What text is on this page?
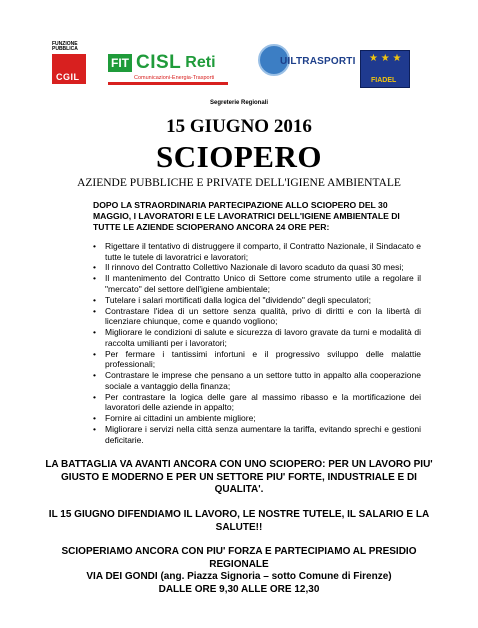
FUNZIONE PUBBLICA
CGIL
FIT CISL Reti
Comunicazioni-Energia-Trasporti
UILTRASPORTI ★ ★ ★
FIADEL
Segreterie Regionali
15 GIUGNO 2016
SCIOPERO
AZIENDE PUBBLICHE E PRIVATE DELL'IGIENE AMBIENTALE
DOPO LA STRAORDINARIA PARTECIPAZIONE ALLO SCIOPERO DEL 30 MAGGIO, I LAVORATORI E LE LAVORATRICI DELL'IGIENE AMBIENTALE DI TUTTE LE AZIENDE SCIOPERANO ANCORA 24 ORE PER:
• Rigettare il tentativo di distruggere il comparto, il Contratto Nazionale, il Sindacato e tutte le tutele di lavoratrici e lavoratori;
• Il rinnovo del Contratto Collettivo Nazionale di lavoro scaduto da quasi 30 mesi;
• Il mantenimento del Contratto Unico di Settore come strumento utile a regolare il "mercato" del settore dell'igiene ambientale;
• Tutelare i salari mortificati dalla logica del "dividendo" degli speculatori;
• Contrastare l'idea di un settore senza qualità, privo di diritti e con la libertà di licenziare chiunque, come e quando vogliono;
• Migliorare le condizioni di salute e sicurezza di lavoro gravate da turni e modalità di raccolta umilianti per i lavoratori;
• Per fermare i tantissimi infortuni e il progressivo sviluppo delle malattie professionali;
• Contrastare le imprese che pensano a un settore tutto in appalto alla cooperazione sociale a vantaggio della finanza;
• Per contrastare la logica delle gare al massimo ribasso e la mortificazione dei lavoratori delle aziende in appalto;
• Fornire ai cittadini un ambiente migliore;
• Migliorare i servizi nella città senza aumentare la tariffa, evitando sprechi e gestioni deficitarie.
LA BATTAGLIA VA AVANTI ANCORA CON UNO SCIOPERO: PER UN LAVORO PIU' GIUSTO E MODERNO E PER UN SETTORE PIU' FORTE, INDUSTRIALE E DI QUALITA'.
IL 15 GIUGNO DIFENDIAMO IL LAVORO, LE NOSTRE TUTELE, IL SALARIO E LA SALUTE!!
SCIOPERIAMO ANCORA CON PIU' FORZA E PARTECIPIAMO AL PRESIDIO REGIONALE
VIA DEI GONDI (ang. Piazza Signoria – sotto Comune di Firenze)
DALLE ORE 9,30 ALLE ORE 12,30
